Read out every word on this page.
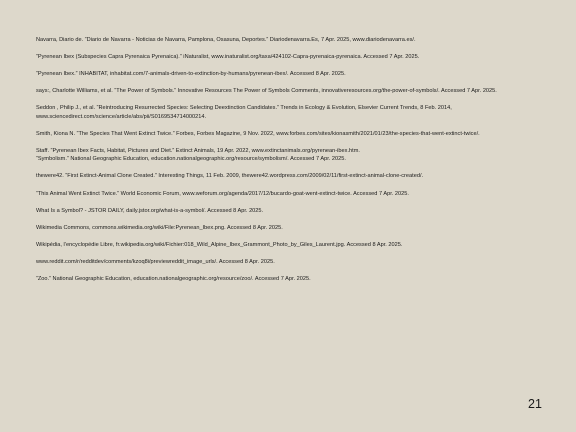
Navarra, Diario de. “Diario de Navarra - Noticias de Navarra, Pamplona, Osasuna, Deportes.” Diariodenavarra.Es, 7 Apr. 2025, www.diariodenavarra.es/.
“Pyrenean Ibex (Subspecies Capra Pyrenaica Pyrenaica).” iNaturalist, www.inaturalist.org/taxa/424102-Capra-pyrenaica-pyrenaica. Accessed 7 Apr. 2025.
“Pyrenean Ibex.” INHABITAT, inhabitat.com/7-animals-driven-to-extinction-by-humans/pyrenean-ibex/. Accessed 8 Apr. 2025.
says:, Charlotte Williams, et al. “The Power of Symbols.” Innovative Resources The Power of Symbols Comments, innovativeresources.org/the-power-of-symbols/. Accessed 7 Apr. 2025.
Seddon , Philip J., et al. “Reintroducing Resurrected Species: Selecting Deextinction Candidates.” Trends in Ecology & Evolution, Elsevier Current Trends, 8 Feb. 2014, www.sciencedirect.com/science/article/abs/pii/S0169534714000214.
Smith, Kiona N. “The Species That Went Extinct Twice.” Forbes, Forbes Magazine, 9 Nov. 2022, www.forbes.com/sites/kionasmith/2021/01/23/the-species-that-went-extinct-twice/.
Staff. “Pyrenean Ibex Facts, Habitat, Pictures and Diet.” Extinct Animals, 19 Apr. 2022, www.extinctanimals.org/pyrenean-ibex.htm.
“Symbolism.” National Geographic Education, education.nationalgeographic.org/resource/symbolism/. Accessed 7 Apr. 2025.
thewere42. “First Extinct-Animal Clone Created.” Interesting Things, 11 Feb. 2009, thewere42.wordpress.com/2009/02/11/first-extinct-animal-clone-created/.
“This Animal Went Extinct Twice.” World Economic Forum, www.weforum.org/agenda/2017/12/bucardo-goat-went-extinct-twice. Accessed 7 Apr. 2025.
What Is a Symbol? - JSTOR DAILY, daily.jstor.org/what-is-a-symbol/. Accessed 8 Apr. 2025.
Wikimedia Commons, commons.wikimedia.org/wiki/File:Pyrenean_Ibex.png. Accessed 8 Apr. 2025.
Wikipédia, l’encyclopédie Libre, fr.wikipedia.org/wiki/Fichier:018_Wild_Alpine_Ibex_Grammont_Photo_by_Giles_Laurent.jpg. Accessed 8 Apr. 2025.
www.reddit.com/r/redditdev/comments/kzoq8i/previewreddit_image_urls/. Accessed 8 Apr. 2025.
“Zoo.” National Geographic Education, education.nationalgeographic.org/resource/zoo/. Accessed 7 Apr. 2025.
21
